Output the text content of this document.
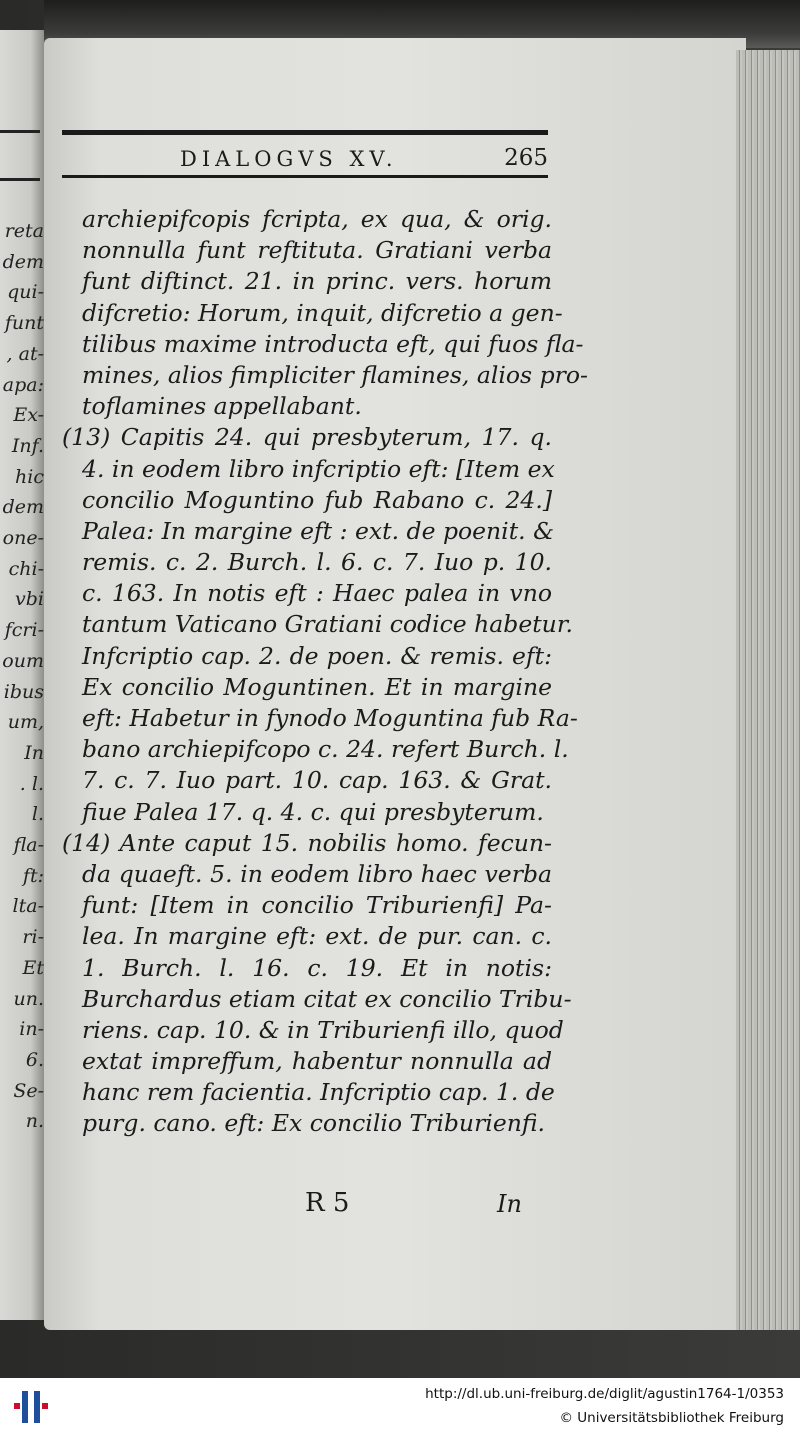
reta
dem
qui-
funt
, at-
apa:
Ex-
Inf.
hic
dem
one-
chi-
vbi
fcri-
oum
ibus
um,
In
. l.
l.
fla-
ft:
lta-
ri-
Et
un.
in-
6.
Se-
n.
DIALOGVS XV.	265
archiepifcopis fcripta, ex qua, & orig.
nonnulla funt reftituta. Gratiani verba
funt diftinct. 21. in princ. vers. horum
difcretio: Horum, inquit, difcretio a gen-
tilibus maxime introducta eft, qui fuos fla-
mines, alios fimpliciter flamines, alios pro-
toflamines appellabant.
(13) Capitis 24. qui presbyterum, 17. q.
4. in eodem libro infcriptio eft: [Item ex
concilio Moguntino fub Rabano c. 24.]
Palea: In margine eft : ext. de poenit. &
remis. c. 2. Burch. l. 6. c. 7. Iuo p. 10.
c. 163. In notis eft : Haec palea in vno
tantum Vaticano Gratiani codice habetur.
Infcriptio cap. 2. de poen. & remis. eft:
Ex concilio Moguntinen. Et in margine
eft: Habetur in fynodo Moguntina fub Ra-
bano archiepifcopo c. 24. refert Burch. l.
7. c. 7. Iuo part. 10. cap. 163. & Grat.
fiue Palea 17. q. 4. c. qui presbyterum.
(14) Ante caput 15. nobilis homo. fecun-
da quaeft. 5. in eodem libro haec verba
funt: [Item in concilio Triburienfi] Pa-
lea. In margine eft: ext. de pur. can. c.
1. Burch. l. 16. c. 19. Et in notis:
Burchardus etiam citat ex concilio Tribu-
riens. cap. 10. & in Triburienfi illo, quod
extat impreffum, habentur nonnulla ad
hanc rem facientia. Infcriptio cap. 1. de
purg. cano. eft: Ex concilio Triburienfi.
R 5	In
http://dl.ub.uni-freiburg.de/diglit/agustin1764-1/0353
© Universitätsbibliothek Freiburg
